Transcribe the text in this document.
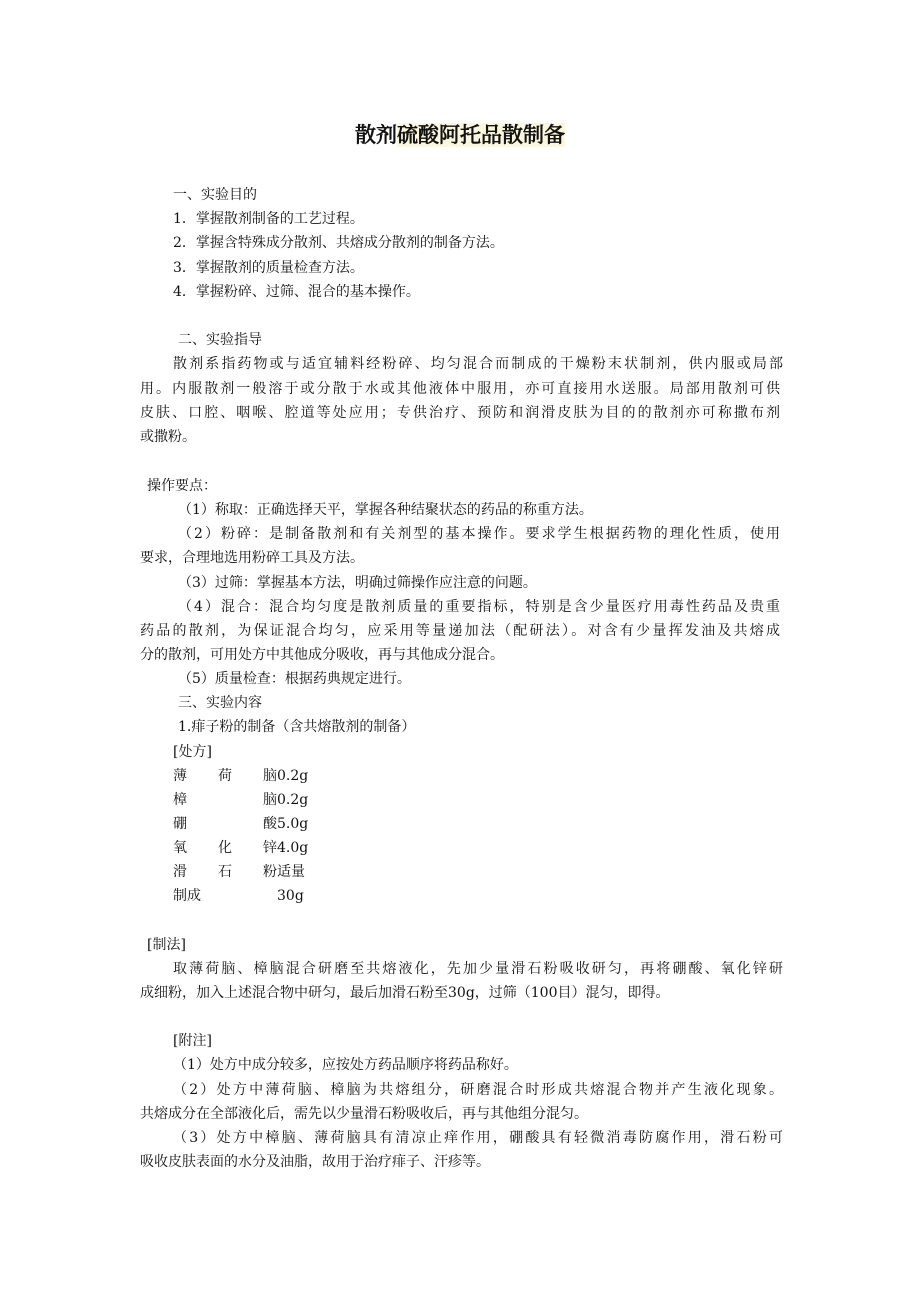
散剂硫酸阿托品散制备
一、实验目的
1．掌握散剂制备的工艺过程。
2．掌握含特殊成分散剂、共熔成分散剂的制备方法。
3．掌握散剂的质量检查方法。
4．掌握粉碎、过筛、混合的基本操作。
二、实验指导
散剂系指药物或与适宜辅料经粉碎、均匀混合而制成的干燥粉末状制剂，供内服或局部
用。内服散剂一般溶于或分散于水或其他液体中服用，亦可直接用水送服。局部用散剂可供
皮肤、口腔、咽喉、腔道等处应用；专供治疗、预防和润滑皮肤为目的的散剂亦可称撒布剂
或撒粉。
操作要点：
（1）称取：正确选择天平，掌握各种结聚状态的药品的称重方法。
（2）粉碎：是制备散剂和有关剂型的基本操作。要求学生根据药物的理化性质，使用
要求，合理地选用粉碎工具及方法。
（3）过筛：掌握基本方法，明确过筛操作应注意的问题。
（4）混合：混合均匀度是散剂质量的重要指标，特别是含少量医疗用毒性药品及贵重
药品的散剂，为保证混合均匀，应采用等量递加法（配研法）。对含有少量挥发油及共熔成
分的散剂，可用处方中其他成分吸收，再与其他成分混合。
（5）质量检查：根据药典规定进行。
三、实验内容
1.痱子粉的制备（含共熔散剂的制备）
[处方]
薄荷脑0.2g
樟脑0.2g
硼酸5.0g
氧化锌4.0g
滑石粉适量
制成	30g
[制法]
取薄荷脑、樟脑混合研磨至共熔液化，先加少量滑石粉吸收研匀，再将硼酸、氧化锌研
成细粉，加入上述混合物中研匀，最后加滑石粉至30g，过筛（100目）混匀，即得。
[附注]
（1）处方中成分较多，应按处方药品顺序将药品称好。
（2）处方中薄荷脑、樟脑为共熔组分，研磨混合时形成共熔混合物并产生液化现象。
共熔成分在全部液化后，需先以少量滑石粉吸收后，再与其他组分混匀。
（3）处方中樟脑、薄荷脑具有清凉止痒作用，硼酸具有轻微消毒防腐作用，滑石粉可
吸收皮肤表面的水分及油脂，故用于治疗痱子、汗疹等。
